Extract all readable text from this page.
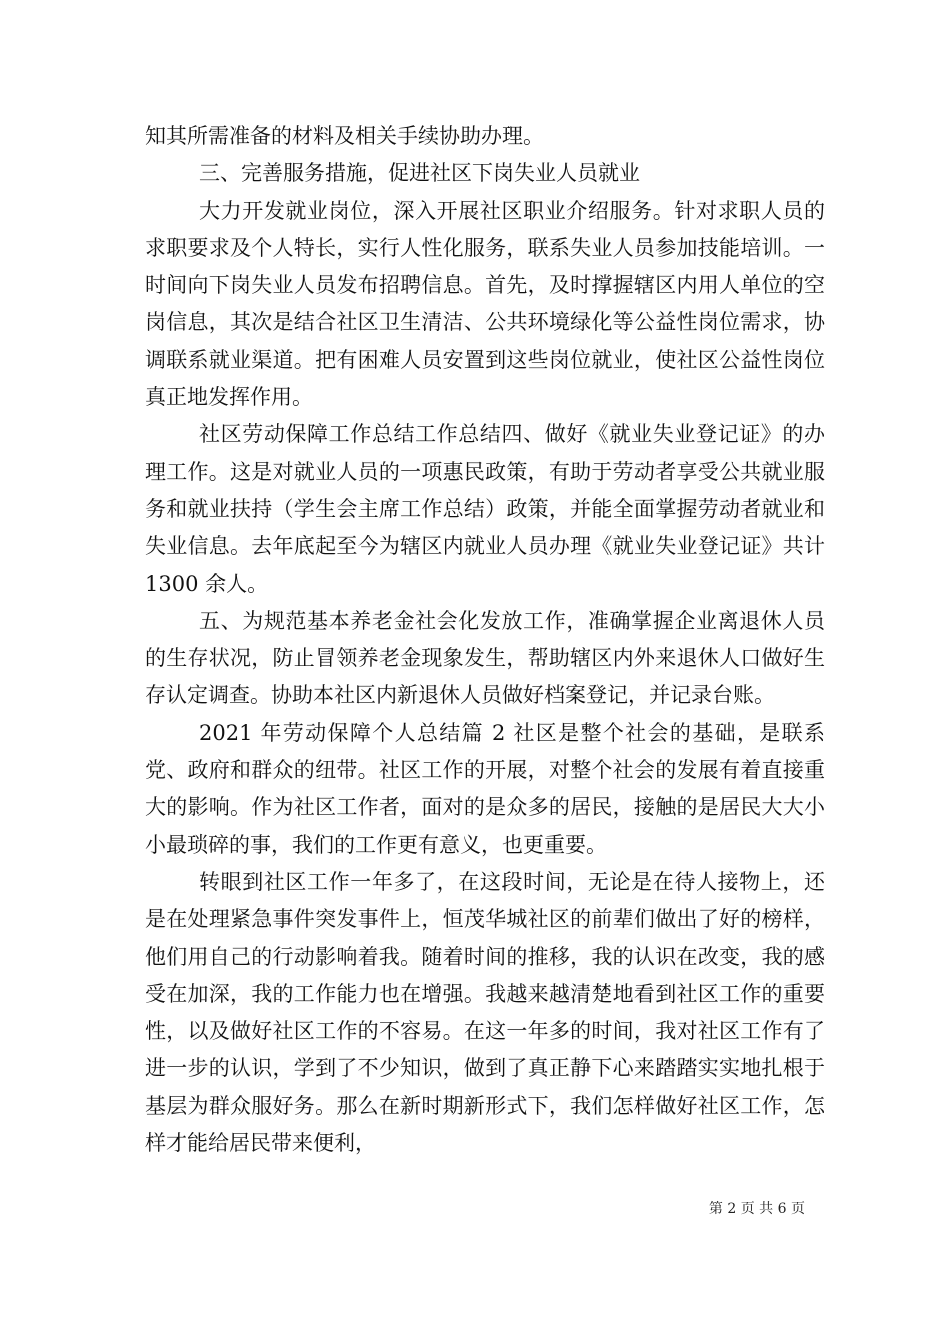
知其所需准备的材料及相关手续协助办理。

三、完善服务措施，促进社区下岗失业人员就业

大力开发就业岗位，深入开展社区职业介绍服务。针对求职人员的求职要求及个人特长，实行人性化服务，联系失业人员参加技能培训。一时间向下岗失业人员发布招聘信息。首先，及时撑握辖区内用人单位的空岗信息，其次是结合社区卫生清洁、公共环境绿化等公益性岗位需求，协调联系就业渠道。把有困难人员安置到这些岗位就业，使社区公益性岗位真正地发挥作用。

社区劳动保障工作总结工作总结四、做好《就业失业登记证》的办理工作。这是对就业人员的一项惠民政策，有助于劳动者享受公共就业服务和就业扶持（学生会主席工作总结）政策，并能全面掌握劳动者就业和失业信息。去年底起至今为辖区内就业人员办理《就业失业登记证》共计 1300 余人。

五、为规范基本养老金社会化发放工作，准确掌握企业离退休人员的生存状况，防止冒领养老金现象发生，帮助辖区内外来退休人口做好生存认定调查。协助本社区内新退休人员做好档案登记，并记录台账。

2021 年劳动保障个人总结篇 2 社区是整个社会的基础，是联系党、政府和群众的纽带。社区工作的开展，对整个社会的发展有着直接重大的影响。作为社区工作者，面对的是众多的居民，接触的是居民大大小小最琐碎的事，我们的工作更有意义，也更重要。

转眼到社区工作一年多了，在这段时间，无论是在待人接物上，还是在处理紧急事件突发事件上，恒茂华城社区的前辈们做出了好的榜样，他们用自己的行动影响着我。随着时间的推移，我的认识在改变，我的感受在加深，我的工作能力也在增强。我越来越清楚地看到社区工作的重要性，以及做好社区工作的不容易。在这一年多的时间，我对社区工作有了进一步的认识，学到了不少知识，做到了真正静下心来踏踏实实地扎根于基层为群众服好务。那么在新时期新形式下，我们怎样做好社区工作，怎样才能给居民带来便利，

第 2 页 共 6 页
